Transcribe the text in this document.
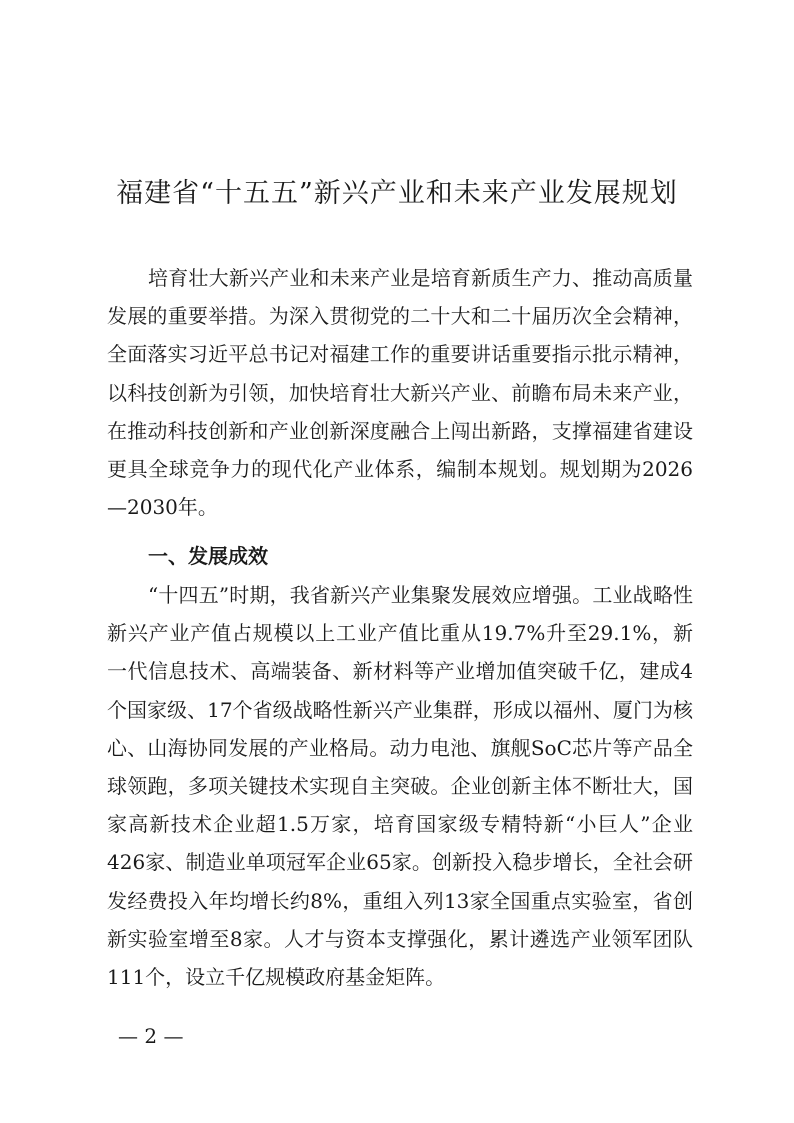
福建省“十五五”新兴产业和未来产业发展规划

培育壮大新兴产业和未来产业是培育新质生产力、推动高质量发展的重要举措。为深入贯彻党的二十大和二十届历次全会精神，全面落实习近平总书记对福建工作的重要讲话重要指示批示精神，以科技创新为引领，加快培育壮大新兴产业、前瞻布局未来产业，在推动科技创新和产业创新深度融合上闯出新路，支撑福建省建设更具全球竞争力的现代化产业体系，编制本规划。规划期为2026—2030年。

一、发展成效

“十四五”时期，我省新兴产业集聚发展效应增强。工业战略性新兴产业产值占规模以上工业产值比重从19.7%升至29.1%，新一代信息技术、高端装备、新材料等产业增加值突破千亿，建成4个国家级、17个省级战略性新兴产业集群，形成以福州、厦门为核心、山海协同发展的产业格局。动力电池、旗舰SoC芯片等产品全球领跑，多项关键技术实现自主突破。企业创新主体不断壮大，国家高新技术企业超1.5万家，培育国家级专精特新“小巨人”企业426家、制造业单项冠军企业65家。创新投入稳步增长，全社会研发经费投入年均增长约8%，重组入列13家全国重点实验室，省创新实验室增至8家。人才与资本支撑强化，累计遴选产业领军团队111个，设立千亿规模政府基金矩阵。

— 2 —
